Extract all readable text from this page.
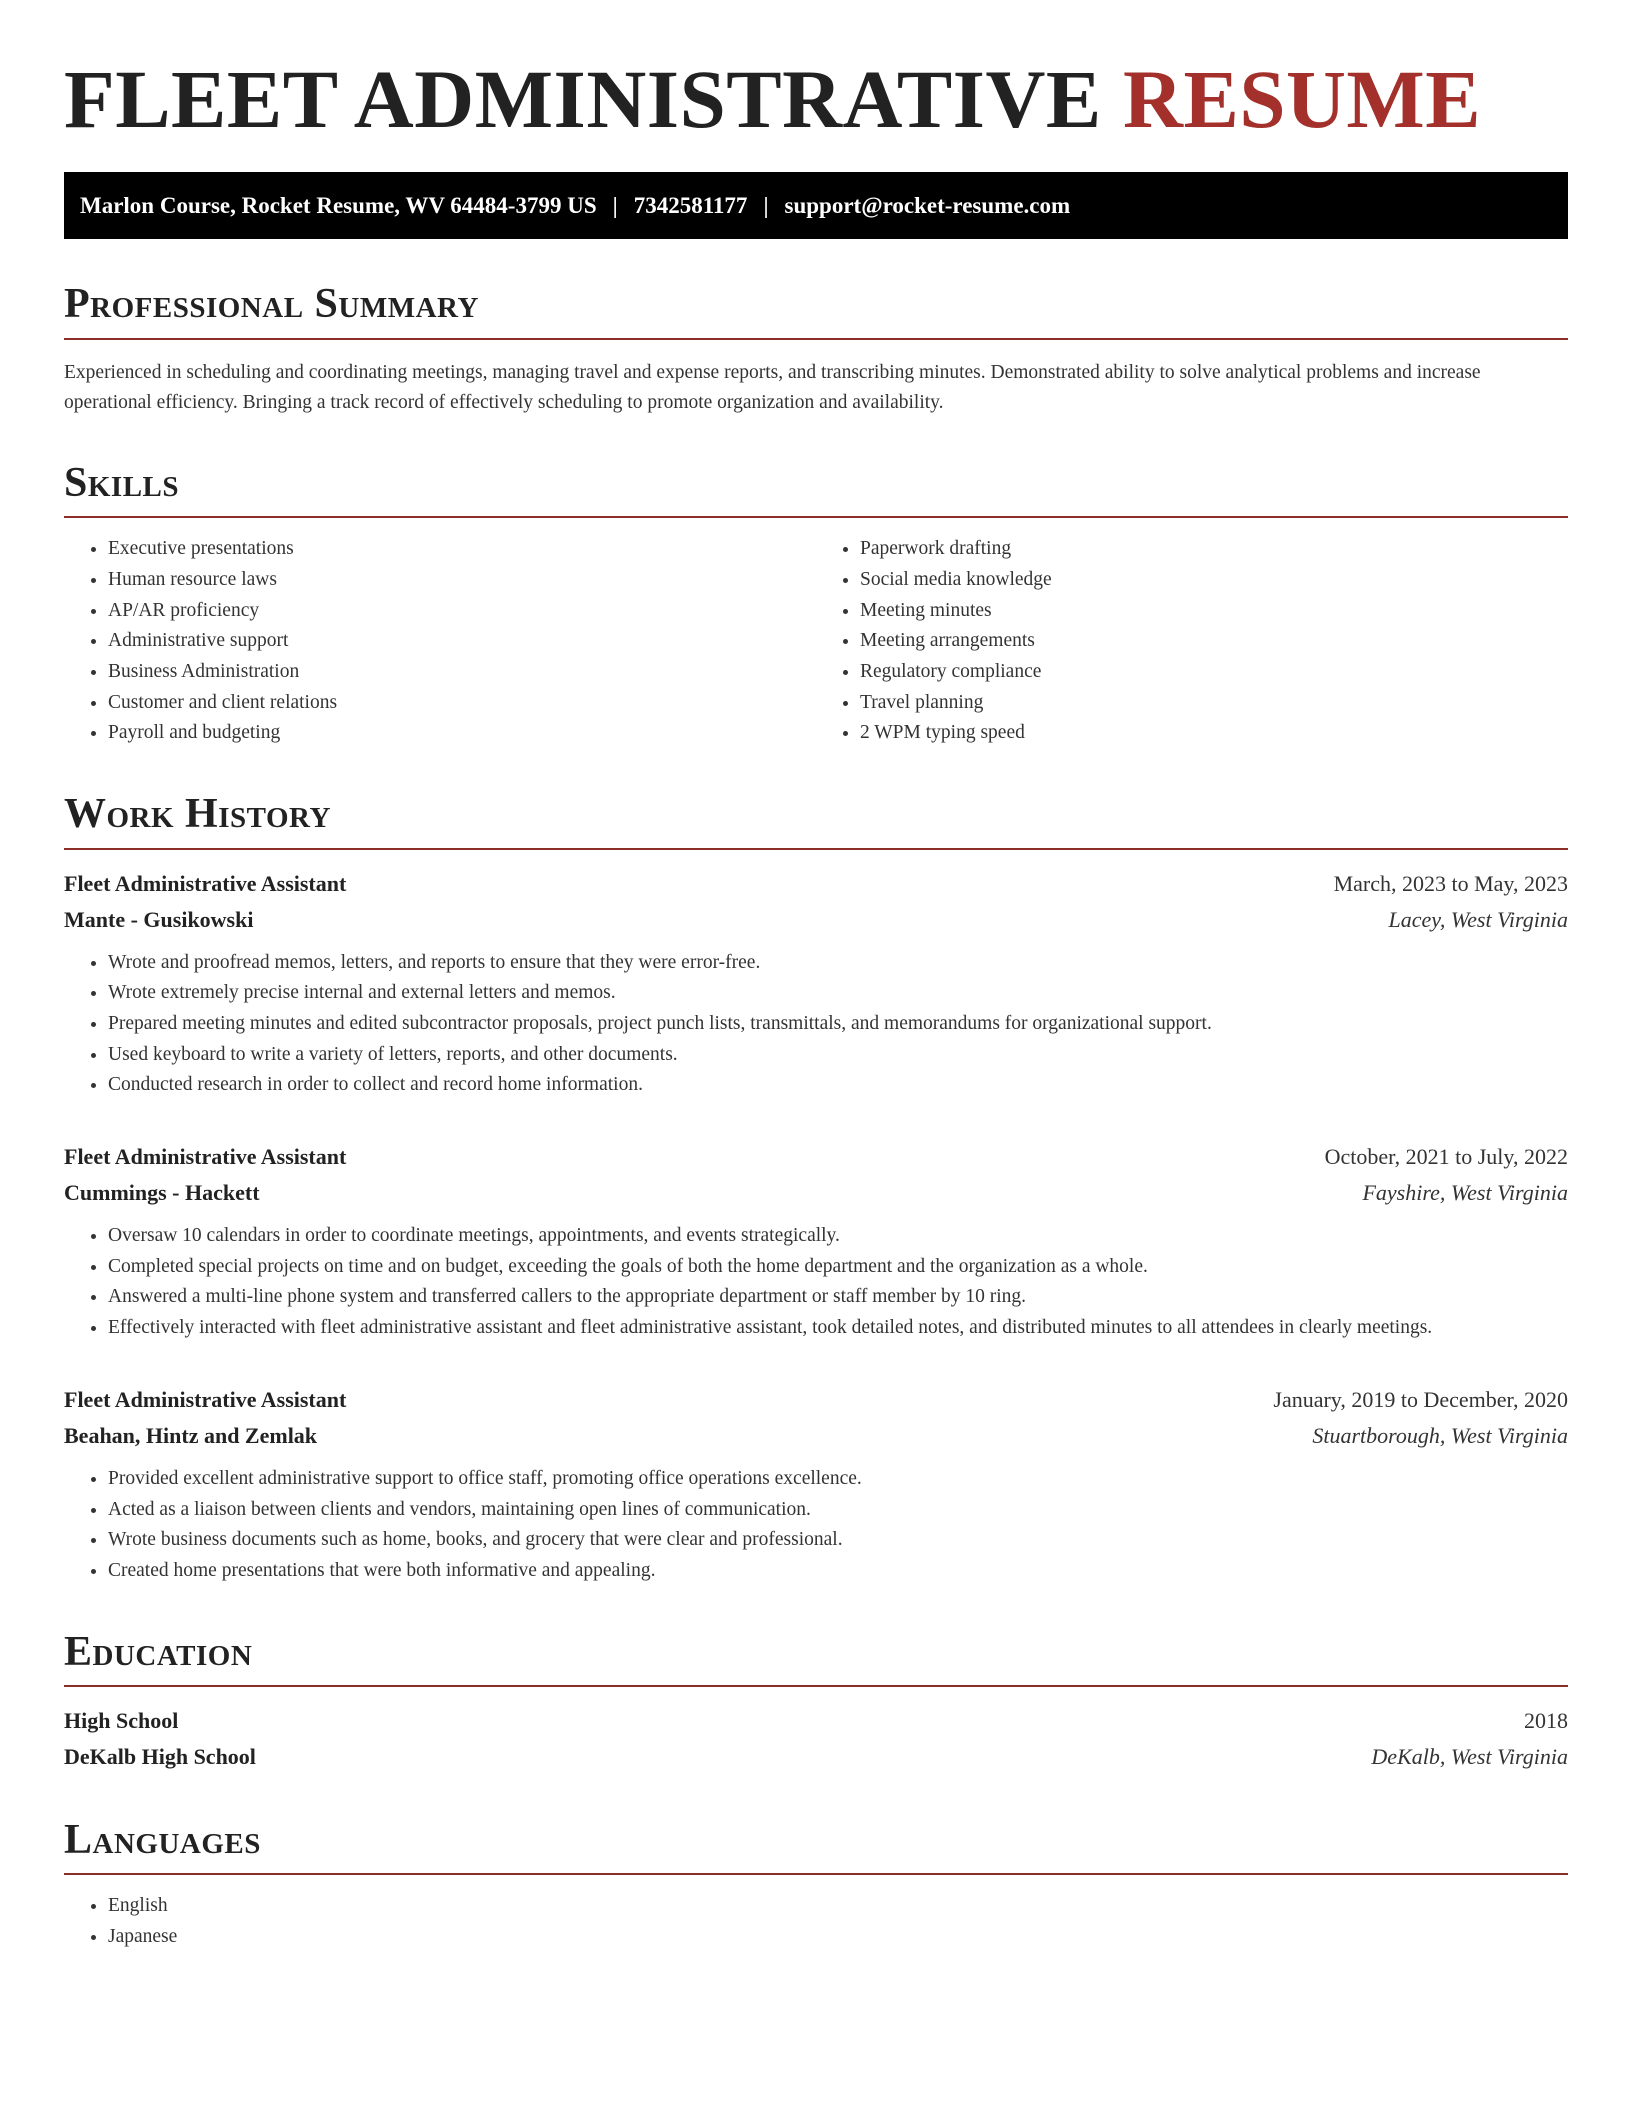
FLEET ADMINISTRATIVE RESUME
Marlon Course, Rocket Resume, WV 64484-3799 US | 7342581177 | support@rocket-resume.com
Professional Summary

Experienced in scheduling and coordinating meetings, managing travel and expense reports, and transcribing minutes. Demonstrated ability to solve analytical problems and increase operational efficiency. Bringing a track record of effectively scheduling to promote organization and availability.

Skills
• Executive presentations
• Human resource laws
• AP/AR proficiency
• Administrative support
• Business Administration
• Customer and client relations
• Payroll and budgeting
• Paperwork drafting
• Social media knowledge
• Meeting minutes
• Meeting arrangements
• Regulatory compliance
• Travel planning
• 2 WPM typing speed
Work History
Fleet Administrative Assistant	March, 2023 to May, 2023
Mante - Gusikowski	Lacey, West Virginia
• Wrote and proofread memos, letters, and reports to ensure that they were error-free.
• Wrote extremely precise internal and external letters and memos.
• Prepared meeting minutes and edited subcontractor proposals, project punch lists, transmittals, and memorandums for organizational support.
• Used keyboard to write a variety of letters, reports, and other documents.
• Conducted research in order to collect and record home information.
Fleet Administrative Assistant	October, 2021 to July, 2022
Cummings - Hackett	Fayshire, West Virginia
• Oversaw 10 calendars in order to coordinate meetings, appointments, and events strategically.
• Completed special projects on time and on budget, exceeding the goals of both the home department and the organization as a whole.
• Answered a multi-line phone system and transferred callers to the appropriate department or staff member by 10 ring.
• Effectively interacted with fleet administrative assistant and fleet administrative assistant, took detailed notes, and distributed minutes to all attendees in clearly meetings.
Fleet Administrative Assistant	January, 2019 to December, 2020
Beahan, Hintz and Zemlak	Stuartborough, West Virginia
• Provided excellent administrative support to office staff, promoting office operations excellence.
• Acted as a liaison between clients and vendors, maintaining open lines of communication.
• Wrote business documents such as home, books, and grocery that were clear and professional.
• Created home presentations that were both informative and appealing.
Education
High School	2018
DeKalb High School	DeKalb, West Virginia
Languages
• English
• Japanese
